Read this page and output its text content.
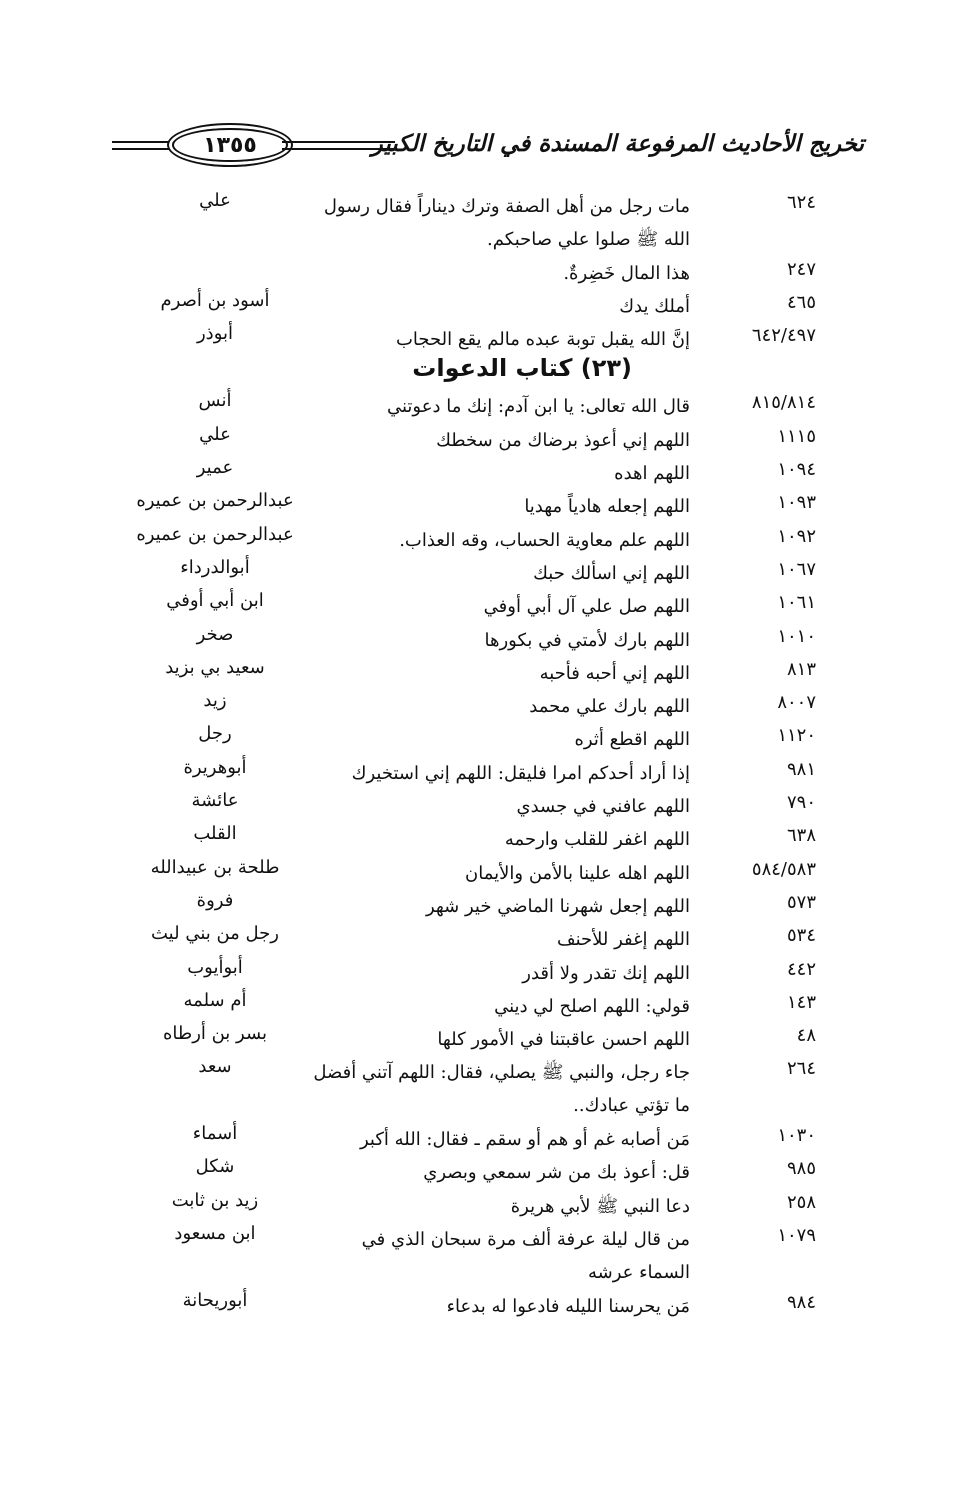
١٣٥٥	تخريج الأحاديث المرفوعة المسندة في التاريخ الكبير
٦٢٤
مات رجل من أهل الصفة وترك ديناراً فقال رسول الله ﷺ صلوا علي صاحبكم.
علي
٢٤٧
هذا المال خَضِرةٌ.
٤٦٥
أملك يدك
أسود بن أصرم
٦٤٢/٤٩٧
إنَّ الله يقبل توبة عبده مالم يقع الحجاب
أبوذر
(٢٣) كتاب الدعوات
٨١٥/٨١٤
قال الله تعالى: يا ابن آدم: إنك ما دعوتني
أنس
١١١٥
اللهم إني أعوذ برضاك من سخطك
علي
١٠٩٤
اللهم اهده
عمير
١٠٩٣
اللهم إجعله هادياً مهديا
عبدالرحمن بن عميره
١٠٩٢
اللهم علم معاوية الحساب، وقه العذاب.
عبدالرحمن بن عميره
١٠٦٧
اللهم إني اسألك حبك
أبوالدرداء
١٠٦١
اللهم صل علي آل أبي أوفي
ابن أبي أوفي
١٠١٠
اللهم بارك لأمتي في بكورها
صخر
٨١٣
اللهم إني أحبه فأحبه
سعيد بي بزيد
٨٠٠٧
اللهم بارك علي محمد
زيد
١١٢٠
اللهم اقطع أثره
رجل
٩٨١
إذا أراد أحدكم امرا فليقل: اللهم إني استخيرك
أبوهريرة
٧٩٠
اللهم عافني في جسدي
عائشة
٦٣٨
اللهم اغفر للقلب وارحمه
القلب
٥٨٤/٥٨٣
اللهم اهله علينا بالأمن والأيمان
طلحة بن عبيدالله
٥٧٣
اللهم إجعل شهرنا الماضي خير شهر
فروة
٥٣٤
اللهم إغفر للأحنف
رجل من بني ليث
٤٤٢
اللهم إنك تقدر ولا أقدر
أبوأيوب
١٤٣
قولي: اللهم اصلح لي ديني
أم سلمه
٤٨
اللهم احسن عاقبتنا في الأمور كلها
بسر بن أرطاه
٢٦٤
جاء رجل، والنبي ﷺ يصلي، فقال: اللهم آتني أفضل ما تؤتي عبادك..
سعد
١٠٣٠
مَن أصابه غم أو هم أو سقم ـ فقال: الله أكبر
أسماء
٩٨٥
قل: أعوذ بك من شر سمعي وبصري
شكل
٢٥٨
دعا النبي ﷺ لأبي هريرة
زيد بن ثابت
١٠٧٩
من قال ليلة عرفة ألف مرة سبحان الذي في السماء عرشه
ابن مسعود
٩٨٤
مَن يحرسنا الليله فادعوا له بدعاء
أبوريحانة
